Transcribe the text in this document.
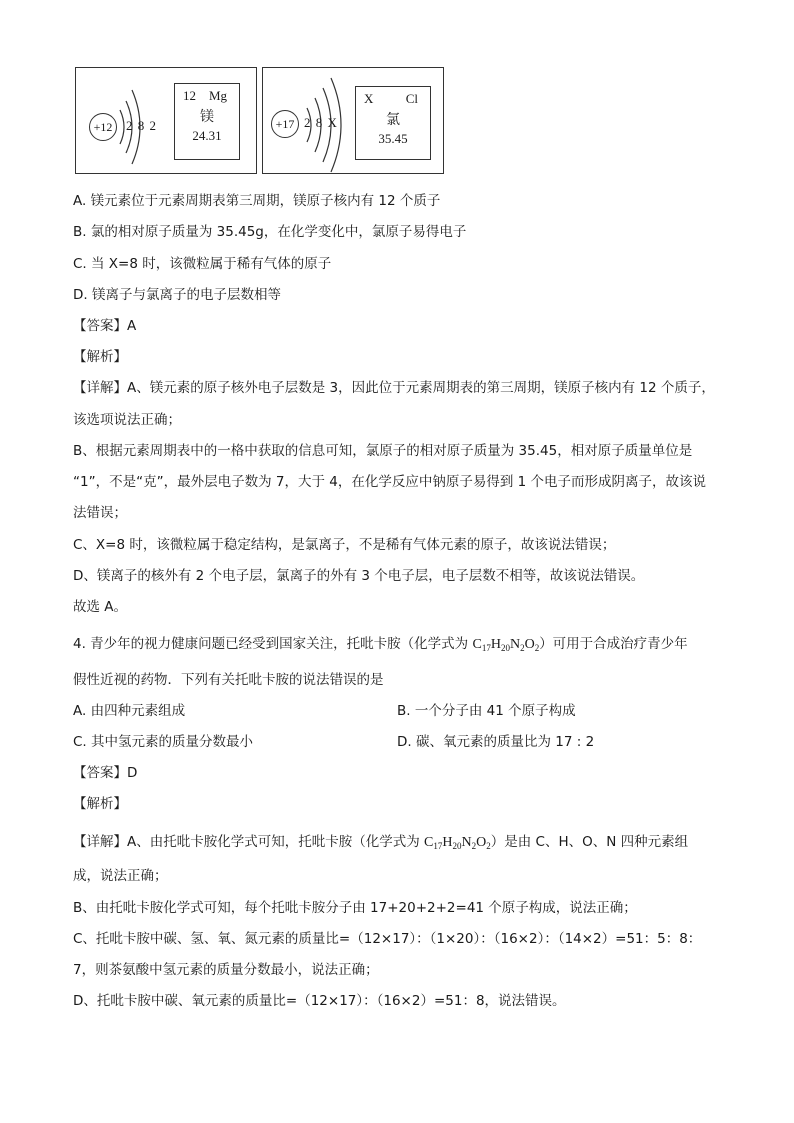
+12	2 8 2
12 Mg
镁
24.31
+17 2 8 X
X Cl
氯
35.45
A. 镁元素位于元素周期表第三周期，镁原子核内有 12 个质子
B. 氯的相对原子质量为 35.45g，在化学变化中，氯原子易得电子
C. 当 X=8 时，该微粒属于稀有气体的原子
D. 镁离子与氯离子的电子层数相等
【答案】A
【解析】
【详解】A、镁元素的原子核外电子层数是 3，因此位于元素周期表的第三周期，镁原子核内有 12 个质子，
该选项说法正确；
B、根据元素周期表中的一格中获取的信息可知，氯原子的相对原子质量为 35.45，相对原子质量单位是
“1”，不是“克”，最外层电子数为 7，大于 4，在化学反应中钠原子易得到 1 个电子而形成阴离子，故该说
法错误；
C、X=8 时，该微粒属于稳定结构，是氯离子，不是稀有气体元素的原子，故该说法错误；
D、镁离子的核外有 2 个电子层，氯离子的外有 3 个电子层，电子层数不相等，故该说法错误。
故选 A。
4. 青少年的视力健康问题已经受到国家关注，托吡卡胺（化学式为 $C_{17}H_{20}N_2O_2$）可用于合成治疗青少年
假性近视的药物．下列有关托吡卡胺的说法错误的是
A. 由四种元素组成	B. 一个分子由 41 个原子构成
C. 其中氢元素的质量分数最小	D. 碳、氧元素的质量比为 17 : 2
【答案】D
【解析】
【详解】A、由托吡卡胺化学式可知，托吡卡胺（化学式为 $C_{17}H_{20}N_2O_2$）是由 C、H、O、N 四种元素组
成，说法正确；
B、由托吡卡胺化学式可知，每个托吡卡胺分子由 17+20+2+2=41 个原子构成，说法正确；
C、托吡卡胺中碳、氢、氧、氮元素的质量比=（12×17）：（1×20）：（16×2）：（14×2）=51：5：8：
7，则茶氨酸中氢元素的质量分数最小，说法正确；
D、托吡卡胺中碳、氧元素的质量比=（12×17）：（16×2）=51：8，说法错误。
